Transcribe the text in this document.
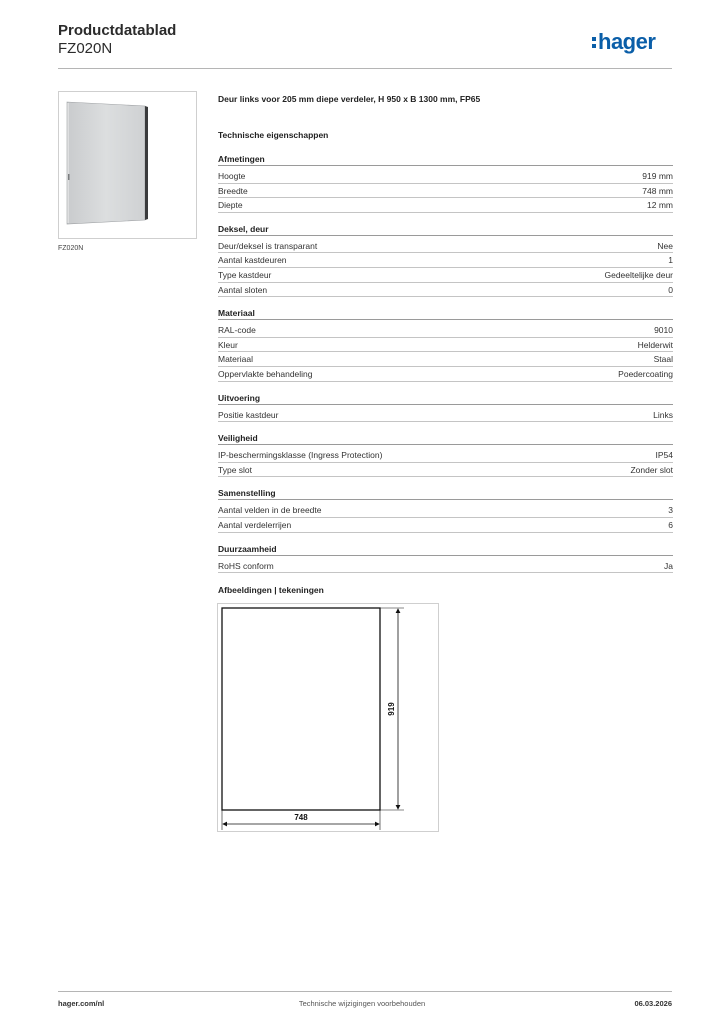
Productdatablad
FZ020N	hager
FZ020N
Deur links voor 205 mm diepe verdeler, H 950 x B 1300 mm, FP65
Technische eigenschappen
Afmetingen
Hoogte	919 mm
Breedte	748 mm
Diepte	12 mm
Deksel, deur
Deur/deksel is transparant	Nee
Aantal kastdeuren	1
Type kastdeur	Gedeeltelijke deur
Aantal sloten	0
Materiaal
RAL-code	9010
Kleur	Helderwit
Materiaal	Staal
Oppervlakte behandeling	Poedercoating
Uitvoering
Positie kastdeur	Links
Veiligheid
IP-beschermingsklasse (Ingress Protection)	IP54
Type slot	Zonder slot
Samenstelling
Aantal velden in de breedte	3
Aantal verdelerrijen	6
Duurzaamheid
RoHS conform	Ja
Afbeeldingen | tekeningen
748
919
hager.com/nl	Technische wijzigingen voorbehouden	06.03.2026
